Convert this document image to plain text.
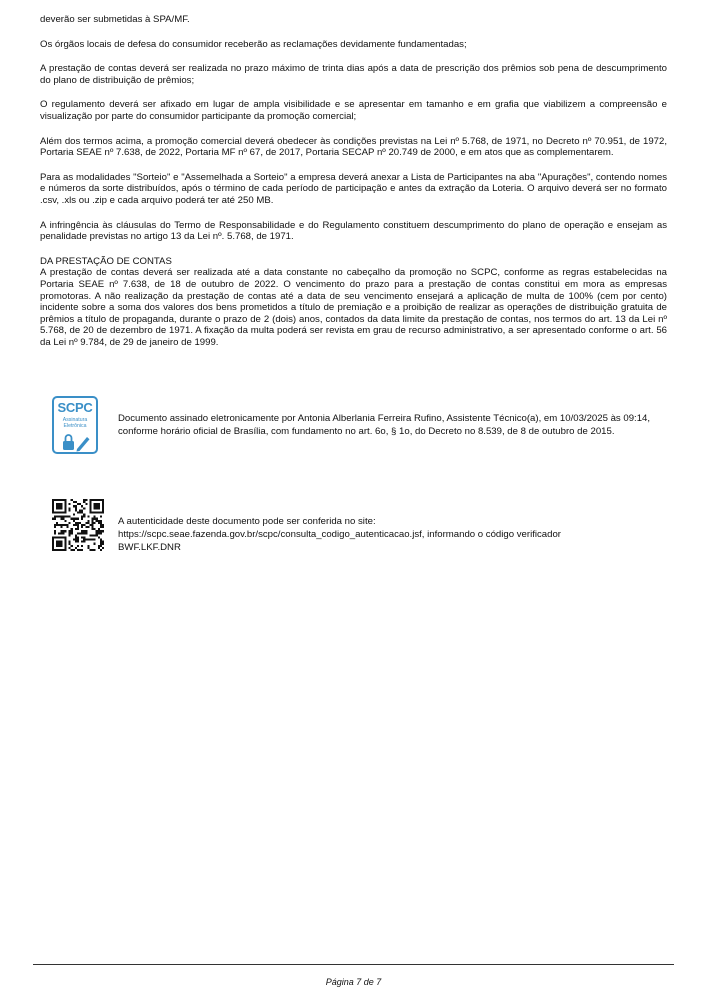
deverão ser submetidas à SPA/MF.

Os órgãos locais de defesa do consumidor receberão as reclamações devidamente fundamentadas;

A prestação de contas deverá ser realizada no prazo máximo de trinta dias após a data de prescrição dos prêmios sob pena de descumprimento do plano de distribuição de prêmios;

O regulamento deverá ser afixado em lugar de ampla visibilidade e se apresentar em tamanho e em grafia que viabilizem a compreensão e visualização por parte do consumidor participante da promoção comercial;

Além dos termos acima, a promoção comercial deverá obedecer às condições previstas na Lei nº 5.768, de 1971, no Decreto nº 70.951, de 1972, Portaria SEAE nº 7.638, de 2022, Portaria MF nº 67, de 2017, Portaria SECAP nº 20.749 de 2000, e em atos que as complementarem.

Para as modalidades "Sorteio" e "Assemelhada a Sorteio" a empresa deverá anexar a Lista de Participantes na aba "Apurações", contendo nomes e números da sorte distribuídos, após o término de cada período de participação e antes da extração da Loteria. O arquivo deverá ser no formato .csv, .xls ou .zip e cada arquivo poderá ter até 250 MB.

A infringência às cláusulas do Termo de Responsabilidade e do Regulamento constituem descumprimento do plano de operação e ensejam as penalidade previstas no artigo 13 da Lei nº. 5.768, de 1971.

DA PRESTAÇÃO DE CONTAS

A prestação de contas deverá ser realizada até a data constante no cabeçalho da promoção no SCPC, conforme as regras estabelecidas na Portaria SEAE nº 7.638, de 18 de outubro de 2022. O vencimento do prazo para a prestação de contas constitui em mora as empresas promotoras. A não realização da prestação de contas até a data de seu vencimento ensejará a aplicação de multa de 100% (cem por cento) incidente sobre a soma dos valores dos bens prometidos a título de premiação e a proibição de realizar as operações de distribuição gratuita de prêmios a título de propaganda, durante o prazo de 2 (dois) anos, contados da data limite da prestação de contas, nos termos do art. 13 da Lei nº 5.768, de 20 de dezembro de 1971. A fixação da multa poderá ser revista em grau de recurso administrativo, a ser apresentado conforme o art. 56 da Lei nº 9.784, de 29 de janeiro de 1999.

SCPC
Assinatura
Eletrônica
Documento assinado eletronicamente por Antonia Alberlania Ferreira Rufino, Assistente Técnico(a), em 10/03/2025 às 09:14, conforme horário oficial de Brasília, com fundamento no art. 6o, § 1o, do Decreto no 8.539, de 8 de outubro de 2015.
A autenticidade deste documento pode ser conferida no site: https://scpc.seae.fazenda.gov.br/scpc/consulta_codigo_autenticacao.jsf, informando o código verificador BWF.LKF.DNR
Página 7 de 7
